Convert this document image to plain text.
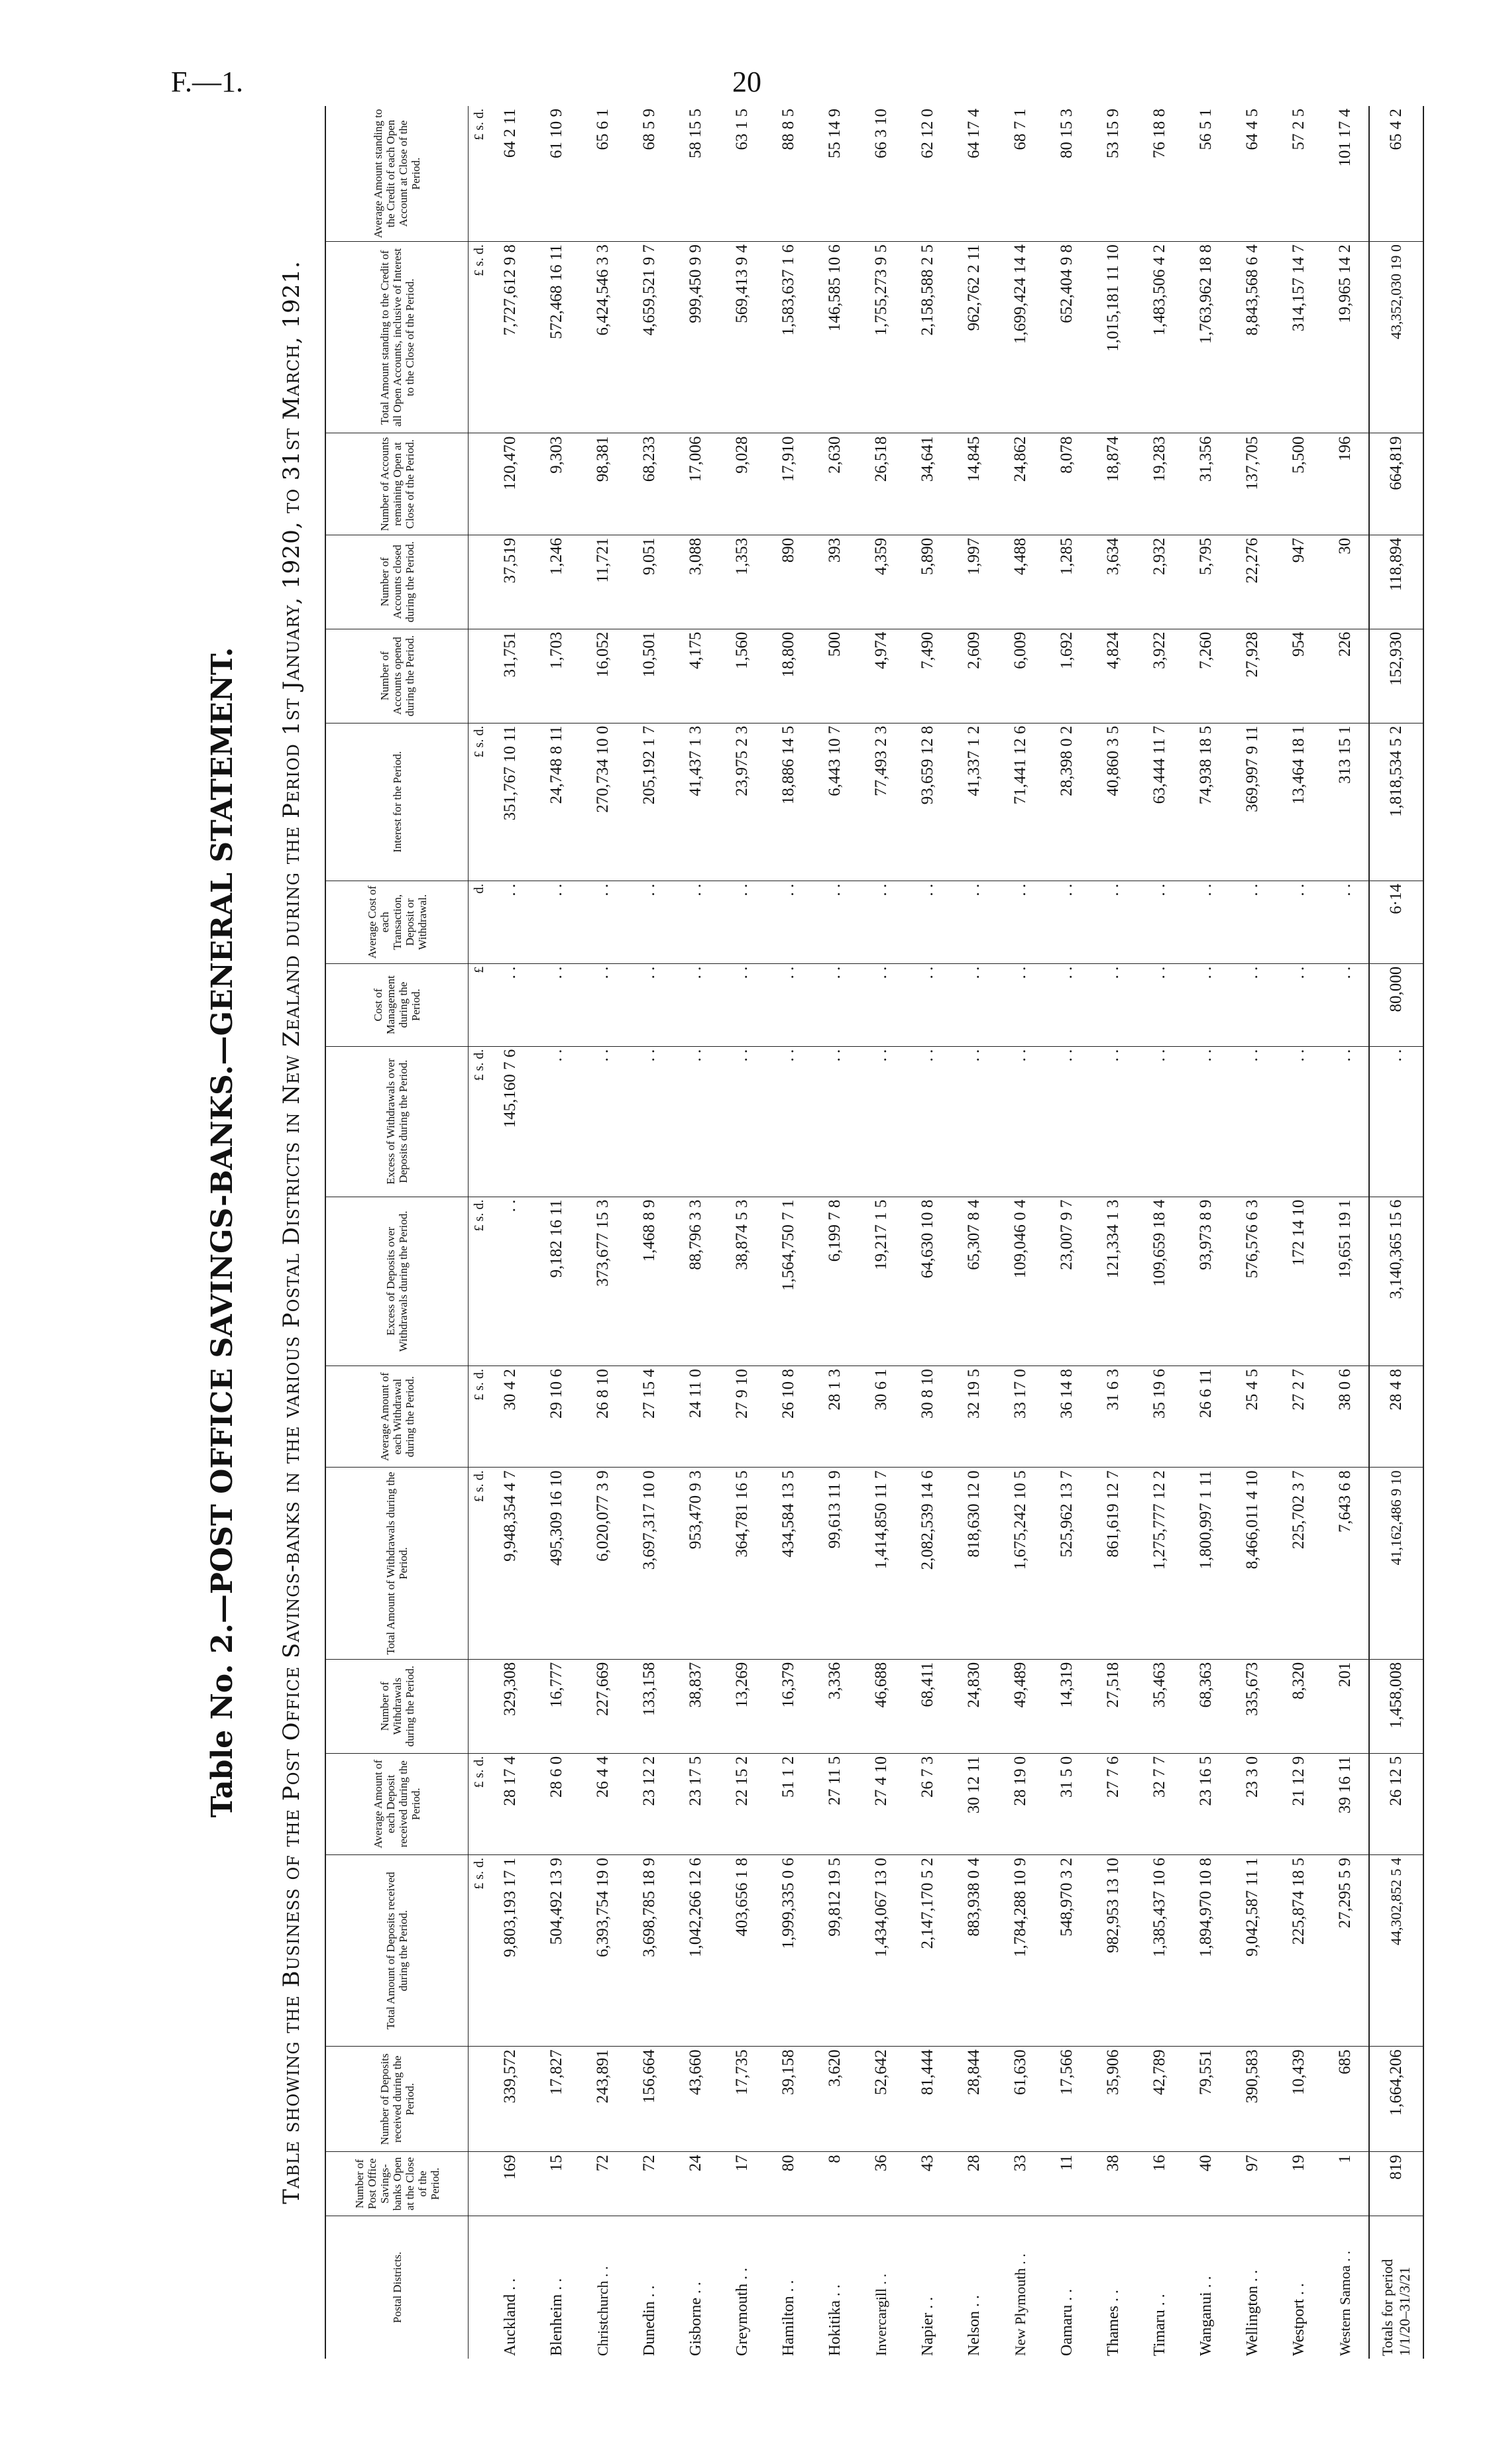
F.—1.	20
Table No. 2.—POST OFFICE SAVINGS-BANKS.—GENERAL STATEMENT. Table showing the Business of the Post Office Savings-banks in the various Postal Districts in New Zealand during the Period 1st January, 1920, to 31st March, 1921.
Postal Districts.	Number of Post Office Savings-banks Open at the Close of the Period.	Number of Deposits received during the Period.	Total Amount of Deposits received during the Period.	Average Amount of each Deposit received during the Period.	Number of Withdrawals during the Period.	Total Amount of Withdrawals during the Period.	Average Amount of each Withdrawal during the Period.	Excess of Deposits over Withdrawals during the Period.	Excess of Withdrawals over Deposits during the Period.	Cost of Management during the Period.	Average Cost of each Transaction, Deposit or Withdrawal.	Interest for the Period.	Number of Accounts opened during the Period.	Number of Accounts closed during the Period.	Number of Accounts remaining Open at Close of the Period.	Total Amount standing to the Credit of all Open Accounts, inclusive of Interest to the Close of the Period.	Average Amount standing to the Credit of each Open Account at Close of the Period.
			£ s. d.	£ s. d.		£ s. d.	£ s. d.	£ s. d.	£ s. d.	£	d.	£ s. d.				£ s. d.	£ s. d.
Auckland . .	169	339,572	9,803,193 17 1	28 17 4	329,308	9,948,354 4 7	30 4 2	. .	145,160 7 6	. .	. .	351,767 10 11	31,751	37,519	120,470	7,727,612 9 8	64 2 11
Blenheim . .	15	17,827	504,492 13 9	28 6 0	16,777	495,309 16 10	29 10 6	9,182 16 11	. .	. .	. .	24,748 8 11	1,703	1,246	9,303	572,468 16 11	61 10 9
Christchurch . .	72	243,891	6,393,754 19 0	26 4 4	227,669	6,020,077 3 9	26 8 10	373,677 15 3	. .	. .	. .	270,734 10 0	16,052	11,721	98,381	6,424,546 3 3	65 6 1
Dunedin . .	72	156,664	3,698,785 18 9	23 12 2	133,158	3,697,317 10 0	27 15 4	1,468 8 9	. .	. .	. .	205,192 1 7	10,501	9,051	68,233	4,659,521 9 7	68 5 9
Gisborne . .	24	43,660	1,042,266 12 6	23 17 5	38,837	953,470 9 3	24 11 0	88,796 3 3	. .	. .	. .	41,437 1 3	4,175	3,088	17,006	999,450 9 9	58 15 5
Greymouth . .	17	17,735	403,656 1 8	22 15 2	13,269	364,781 16 5	27 9 10	38,874 5 3	. .	. .	. .	23,975 2 3	1,560	1,353	9,028	569,413 9 4	63 1 5
Hamilton . .	80	39,158	1,999,335 0 6	51 1 2	16,379	434,584 13 5	26 10 8	1,564,750 7 1	. .	. .	. .	18,886 14 5	18,800	890	17,910	1,583,637 1 6	88 8 5
Hokitika . .	8	3,620	99,812 19 5	27 11 5	3,336	99,613 11 9	28 1 3	6,199 7 8	. .	. .	. .	6,443 10 7	500	393	2,630	146,585 10 6	55 14 9
Invercargill . .	36	52,642	1,434,067 13 0	27 4 10	46,688	1,414,850 11 7	30 6 1	19,217 1 5	. .	. .	. .	77,493 2 3	4,974	4,359	26,518	1,755,273 9 5	66 3 10
Napier . .	43	81,444	2,147,170 5 2	26 7 3	68,411	2,082,539 14 6	30 8 10	64,630 10 8	. .	. .	. .	93,659 12 8	7,490	5,890	34,641	2,158,588 2 5	62 12 0
Nelson . .	28	28,844	883,938 0 4	30 12 11	24,830	818,630 12 0	32 19 5	65,307 8 4	. .	. .	. .	41,337 1 2	2,609	1,997	14,845	962,762 2 11	64 17 4
New Plymouth . .	33	61,630	1,784,288 10 9	28 19 0	49,489	1,675,242 10 5	33 17 0	109,046 0 4	. .	. .	. .	71,441 12 6	6,009	4,488	24,862	1,699,424 14 4	68 7 1
Oamaru . .	11	17,566	548,970 3 2	31 5 0	14,319	525,962 13 7	36 14 8	23,007 9 7	. .	. .	. .	28,398 0 2	1,692	1,285	8,078	652,404 9 8	80 15 3
Thames . .	38	35,906	982,953 13 10	27 7 6	27,518	861,619 12 7	31 6 3	121,334 1 3	. .	. .	. .	40,860 3 5	4,824	3,634	18,874	1,015,181 11 10	53 15 9
Timaru . .	16	42,789	1,385,437 10 6	32 7 7	35,463	1,275,777 12 2	35 19 6	109,659 18 4	. .	. .	. .	63,444 11 7	3,922	2,932	19,283	1,483,506 4 2	76 18 8
Wanganui . .	40	79,551	1,894,970 10 8	23 16 5	68,363	1,800,997 1 11	26 6 11	93,973 8 9	. .	. .	. .	74,938 18 5	7,260	5,795	31,356	1,763,962 18 8	56 5 1
Wellington . .	97	390,583	9,042,587 11 1	23 3 0	335,673	8,466,011 4 10	25 4 5	576,576 6 3	. .	. .	. .	369,997 9 11	27,928	22,276	137,705	8,843,568 6 4	64 4 5
Westport . .	19	10,439	225,874 18 5	21 12 9	8,320	225,702 3 7	27 2 7	172 14 10	. .	. .	. .	13,464 18 1	954	947	5,500	314,157 14 7	57 2 5
Western Samoa . .	1	685	27,295 5 9	39 16 11	201	7,643 6 8	38 0 6	19,651 19 1	. .	. .	. .	313 15 1	226	30	196	19,965 14 2	101 17 4
Totals for period 1/1/20–31/3/21	819	1,664,206	44,302,852 5 4	26 12 5	1,458,008	41,162,486 9 10	28 4 8	3,140,365 15 6	. .	80,000	6·14	1,818,534 5 2	152,930	118,894	664,819	43,352,030 19 0	65 4 2
